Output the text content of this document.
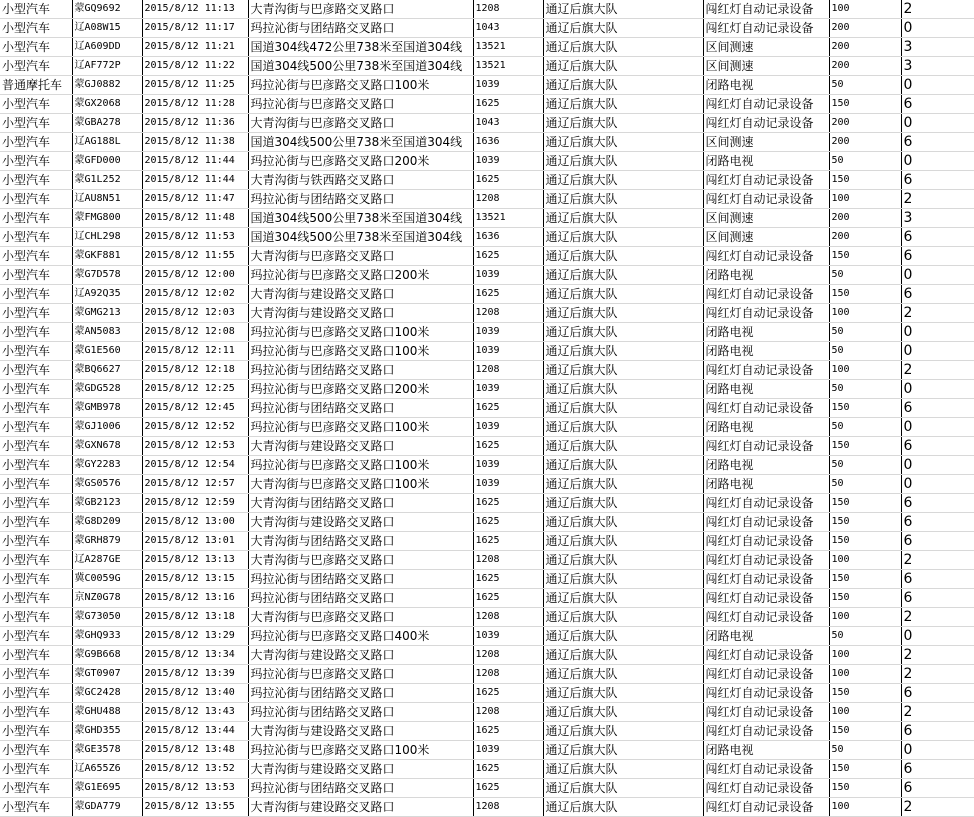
小型汽车	蒙GQ9692	2015/8/12 11:13	大青沟街与巴彦路交叉路口	1208	通辽后旗大队	闯红灯自动记录设备	100	2
小型汽车	辽A08W15	2015/8/12 11:17	玛拉沁街与团结路交叉路口	1043	通辽后旗大队	闯红灯自动记录设备	200	0
小型汽车	辽A609DD	2015/8/12 11:21	国道304线472公里738米至国道304线	13521	通辽后旗大队	区间测速	200	3
小型汽车	辽AF772P	2015/8/12 11:22	国道304线500公里738米至国道304线	13521	通辽后旗大队	区间测速	200	3
普通摩托车	蒙GJ0882	2015/8/12 11:25	玛拉沁街与巴彦路交叉路口100米	1039	通辽后旗大队	闭路电视	50	0
小型汽车	蒙GX2068	2015/8/12 11:28	玛拉沁街与巴彦路交叉路口	1625	通辽后旗大队	闯红灯自动记录设备	150	6
小型汽车	蒙GBA278	2015/8/12 11:36	大青沟街与巴彦路交叉路口	1043	通辽后旗大队	闯红灯自动记录设备	200	0
小型汽车	辽AG188L	2015/8/12 11:38	国道304线500公里738米至国道304线	1636	通辽后旗大队	区间测速	200	6
小型汽车	蒙GFD000	2015/8/12 11:44	玛拉沁街与巴彦路交叉路口200米	1039	通辽后旗大队	闭路电视	50	0
小型汽车	蒙G1L252	2015/8/12 11:44	大青沟街与铁西路交叉路口	1625	通辽后旗大队	闯红灯自动记录设备	150	6
小型汽车	辽AU8N51	2015/8/12 11:47	玛拉沁街与团结路交叉路口	1208	通辽后旗大队	闯红灯自动记录设备	100	2
小型汽车	蒙FMG800	2015/8/12 11:48	国道304线500公里738米至国道304线	13521	通辽后旗大队	区间测速	200	3
小型汽车	辽CHL298	2015/8/12 11:53	国道304线500公里738米至国道304线	1636	通辽后旗大队	区间测速	200	6
小型汽车	蒙GKF881	2015/8/12 11:55	大青沟街与巴彦路交叉路口	1625	通辽后旗大队	闯红灯自动记录设备	150	6
小型汽车	蒙G7D578	2015/8/12 12:00	玛拉沁街与巴彦路交叉路口200米	1039	通辽后旗大队	闭路电视	50	0
小型汽车	辽A92Q35	2015/8/12 12:02	大青沟街与建设路交叉路口	1625	通辽后旗大队	闯红灯自动记录设备	150	6
小型汽车	蒙GMG213	2015/8/12 12:03	大青沟街与建设路交叉路口	1208	通辽后旗大队	闯红灯自动记录设备	100	2
小型汽车	蒙AN5083	2015/8/12 12:08	玛拉沁街与巴彦路交叉路口100米	1039	通辽后旗大队	闭路电视	50	0
小型汽车	蒙G1E560	2015/8/12 12:11	玛拉沁街与巴彦路交叉路口100米	1039	通辽后旗大队	闭路电视	50	0
小型汽车	蒙BQ6627	2015/8/12 12:18	玛拉沁街与团结路交叉路口	1208	通辽后旗大队	闯红灯自动记录设备	100	2
小型汽车	蒙GDG528	2015/8/12 12:25	玛拉沁街与巴彦路交叉路口200米	1039	通辽后旗大队	闭路电视	50	0
小型汽车	蒙GMB978	2015/8/12 12:45	玛拉沁街与团结路交叉路口	1625	通辽后旗大队	闯红灯自动记录设备	150	6
小型汽车	蒙GJ1006	2015/8/12 12:52	玛拉沁街与巴彦路交叉路口100米	1039	通辽后旗大队	闭路电视	50	0
小型汽车	蒙GXN678	2015/8/12 12:53	大青沟街与建设路交叉路口	1625	通辽后旗大队	闯红灯自动记录设备	150	6
小型汽车	蒙GY2283	2015/8/12 12:54	玛拉沁街与巴彦路交叉路口100米	1039	通辽后旗大队	闭路电视	50	0
小型汽车	蒙GS0576	2015/8/12 12:57	大青沟街与巴彦路交叉路口100米	1039	通辽后旗大队	闭路电视	50	0
小型汽车	蒙GB2123	2015/8/12 12:59	大青沟街与团结路交叉路口	1625	通辽后旗大队	闯红灯自动记录设备	150	6
小型汽车	蒙G8D209	2015/8/12 13:00	大青沟街与建设路交叉路口	1625	通辽后旗大队	闯红灯自动记录设备	150	6
小型汽车	蒙GRH879	2015/8/12 13:01	大青沟街与团结路交叉路口	1625	通辽后旗大队	闯红灯自动记录设备	150	6
小型汽车	辽A287GE	2015/8/12 13:13	大青沟街与巴彦路交叉路口	1208	通辽后旗大队	闯红灯自动记录设备	100	2
小型汽车	冀C0059G	2015/8/12 13:15	玛拉沁街与团结路交叉路口	1625	通辽后旗大队	闯红灯自动记录设备	150	6
小型汽车	京NZ0G78	2015/8/12 13:16	玛拉沁街与团结路交叉路口	1625	通辽后旗大队	闯红灯自动记录设备	150	6
小型汽车	蒙G73050	2015/8/12 13:18	大青沟街与巴彦路交叉路口	1208	通辽后旗大队	闯红灯自动记录设备	100	2
小型汽车	蒙GHQ933	2015/8/12 13:29	玛拉沁街与巴彦路交叉路口400米	1039	通辽后旗大队	闭路电视	50	0
小型汽车	蒙G9B668	2015/8/12 13:34	大青沟街与建设路交叉路口	1208	通辽后旗大队	闯红灯自动记录设备	100	2
小型汽车	蒙GT0907	2015/8/12 13:39	玛拉沁街与巴彦路交叉路口	1208	通辽后旗大队	闯红灯自动记录设备	100	2
小型汽车	蒙GC2428	2015/8/12 13:40	玛拉沁街与团结路交叉路口	1625	通辽后旗大队	闯红灯自动记录设备	150	6
小型汽车	蒙GHU488	2015/8/12 13:43	玛拉沁街与团结路交叉路口	1208	通辽后旗大队	闯红灯自动记录设备	100	2
小型汽车	蒙GHD355	2015/8/12 13:44	大青沟街与建设路交叉路口	1625	通辽后旗大队	闯红灯自动记录设备	150	6
小型汽车	蒙GE3578	2015/8/12 13:48	玛拉沁街与巴彦路交叉路口100米	1039	通辽后旗大队	闭路电视	50	0
小型汽车	辽A655Z6	2015/8/12 13:52	大青沟街与建设路交叉路口	1625	通辽后旗大队	闯红灯自动记录设备	150	6
小型汽车	蒙G1E695	2015/8/12 13:53	玛拉沁街与团结路交叉路口	1625	通辽后旗大队	闯红灯自动记录设备	150	6
小型汽车	蒙GDA779	2015/8/12 13:55	大青沟街与建设路交叉路口	1208	通辽后旗大队	闯红灯自动记录设备	100	2
